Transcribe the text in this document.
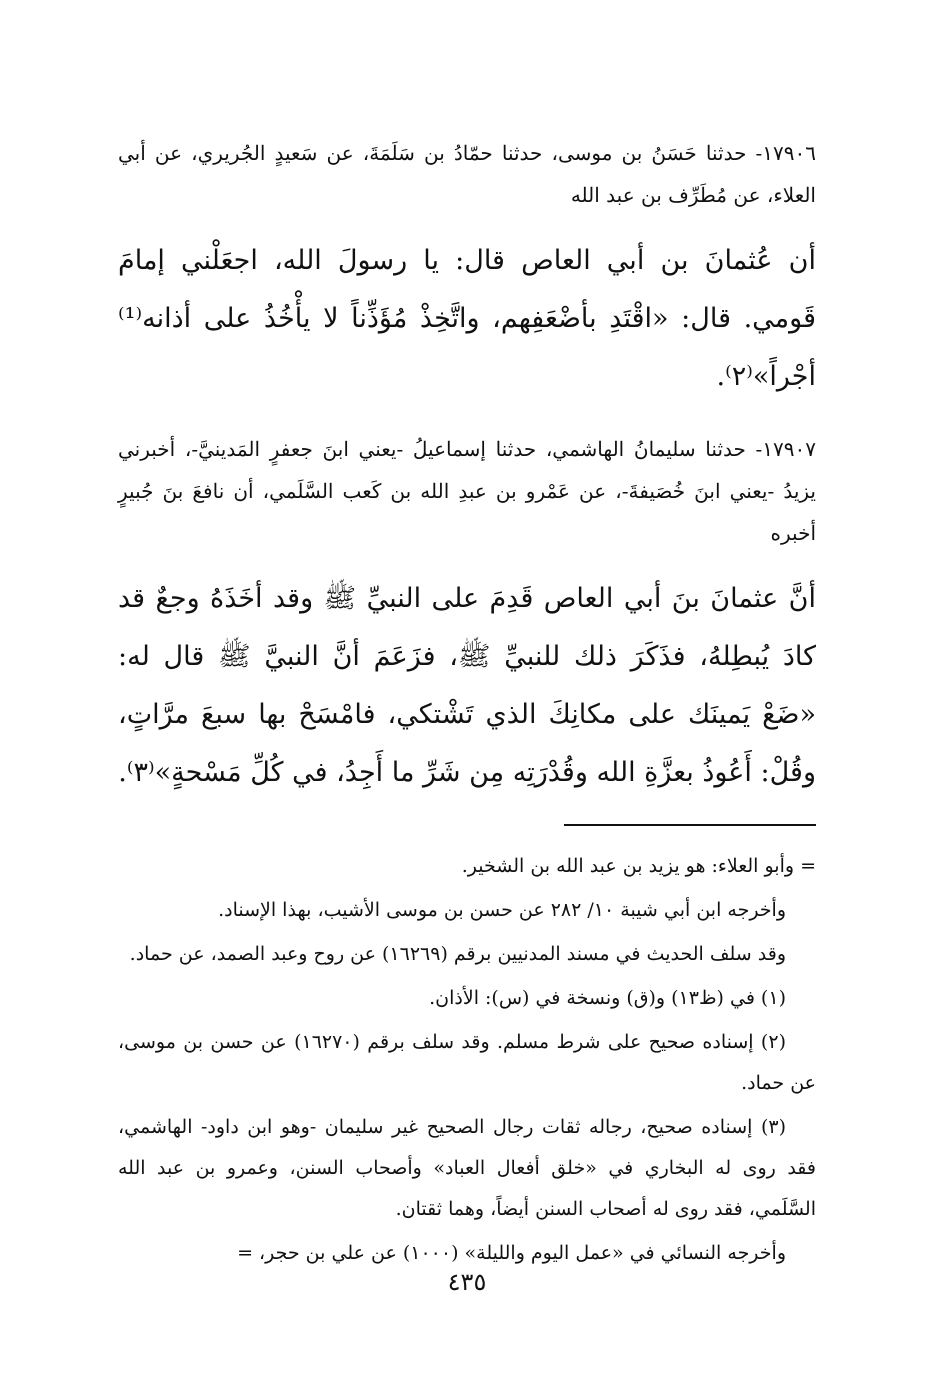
١٧٩٠٦- حدثنا حَسَنُ بن موسى، حدثنا حمّادُ بن سَلَمَةَ، عن سَعيدٍ الجُريري، عن أبي العلاء، عن مُطَرِّف بن عبد الله

أن عُثمانَ بن أبي العاص قال: يا رسولَ الله، اجعَلْني إمامَ قَومي. قال: «اقْتَدِ بأضْعَفِهم، واتَّخِذْ مُؤَذِّناً لا يأْخُذُ على أذانه⁽¹⁾ أجْراً»⁽٢⁾.

١٧٩٠٧- حدثنا سليمانُ الهاشمي، حدثنا إسماعيلُ -يعني ابنَ جعفرٍ المَدينيَّ-، أخبرني يزيدُ -يعني ابنَ خُصَيفةَ-، عن عَمْرو بن عبدِ الله بن كَعب السَّلَمي، أن نافعَ بنَ جُبيرٍ أخبره

أنَّ عثمانَ بنَ أبي العاص قَدِمَ على النبيِّ ﷺ وقد أخَذَهُ وجعٌ قد كادَ يُبطِلهُ، فذَكَرَ ذلك للنبيِّ ﷺ، فزَعَمَ أنَّ النبيَّ ﷺ قال له: «ضَعْ يَمينَك على مكانِكَ الذي تَشْتكي، فامْسَحْ بها سبعَ مرَّاتٍ، وقُلْ: أَعُوذُ بعزَّةِ الله وقُدْرَتِه مِن شَرِّ ما أَجِدُ، في كُلِّ مَسْحةٍ»⁽٣⁾.

= وأبو العلاء: هو يزيد بن عبد الله بن الشخير.

وأخرجه ابن أبي شيبة ١٠/ ٢٨٢ عن حسن بن موسى الأشيب، بهذا الإسناد.

وقد سلف الحديث في مسند المدنيين برقم (١٦٢٦٩) عن روح وعبد الصمد، عن حماد.

(١) في (ظ١٣) و(ق) ونسخة في (س): الأذان.

(٢) إسناده صحيح على شرط مسلم. وقد سلف برقم (١٦٢٧٠) عن حسن بن موسى، عن حماد.

(٣) إسناده صحيح، رجاله ثقات رجال الصحيح غير سليمان -وهو ابن داود- الهاشمي، فقد روى له البخاري في «خلق أفعال العباد» وأصحاب السنن، وعمرو بن عبد الله السَّلَمي، فقد روى له أصحاب السنن أيضاً، وهما ثقتان.

وأخرجه النسائي في «عمل اليوم والليلة» (١٠٠٠) عن علي بن حجر، =

٤٣٥
